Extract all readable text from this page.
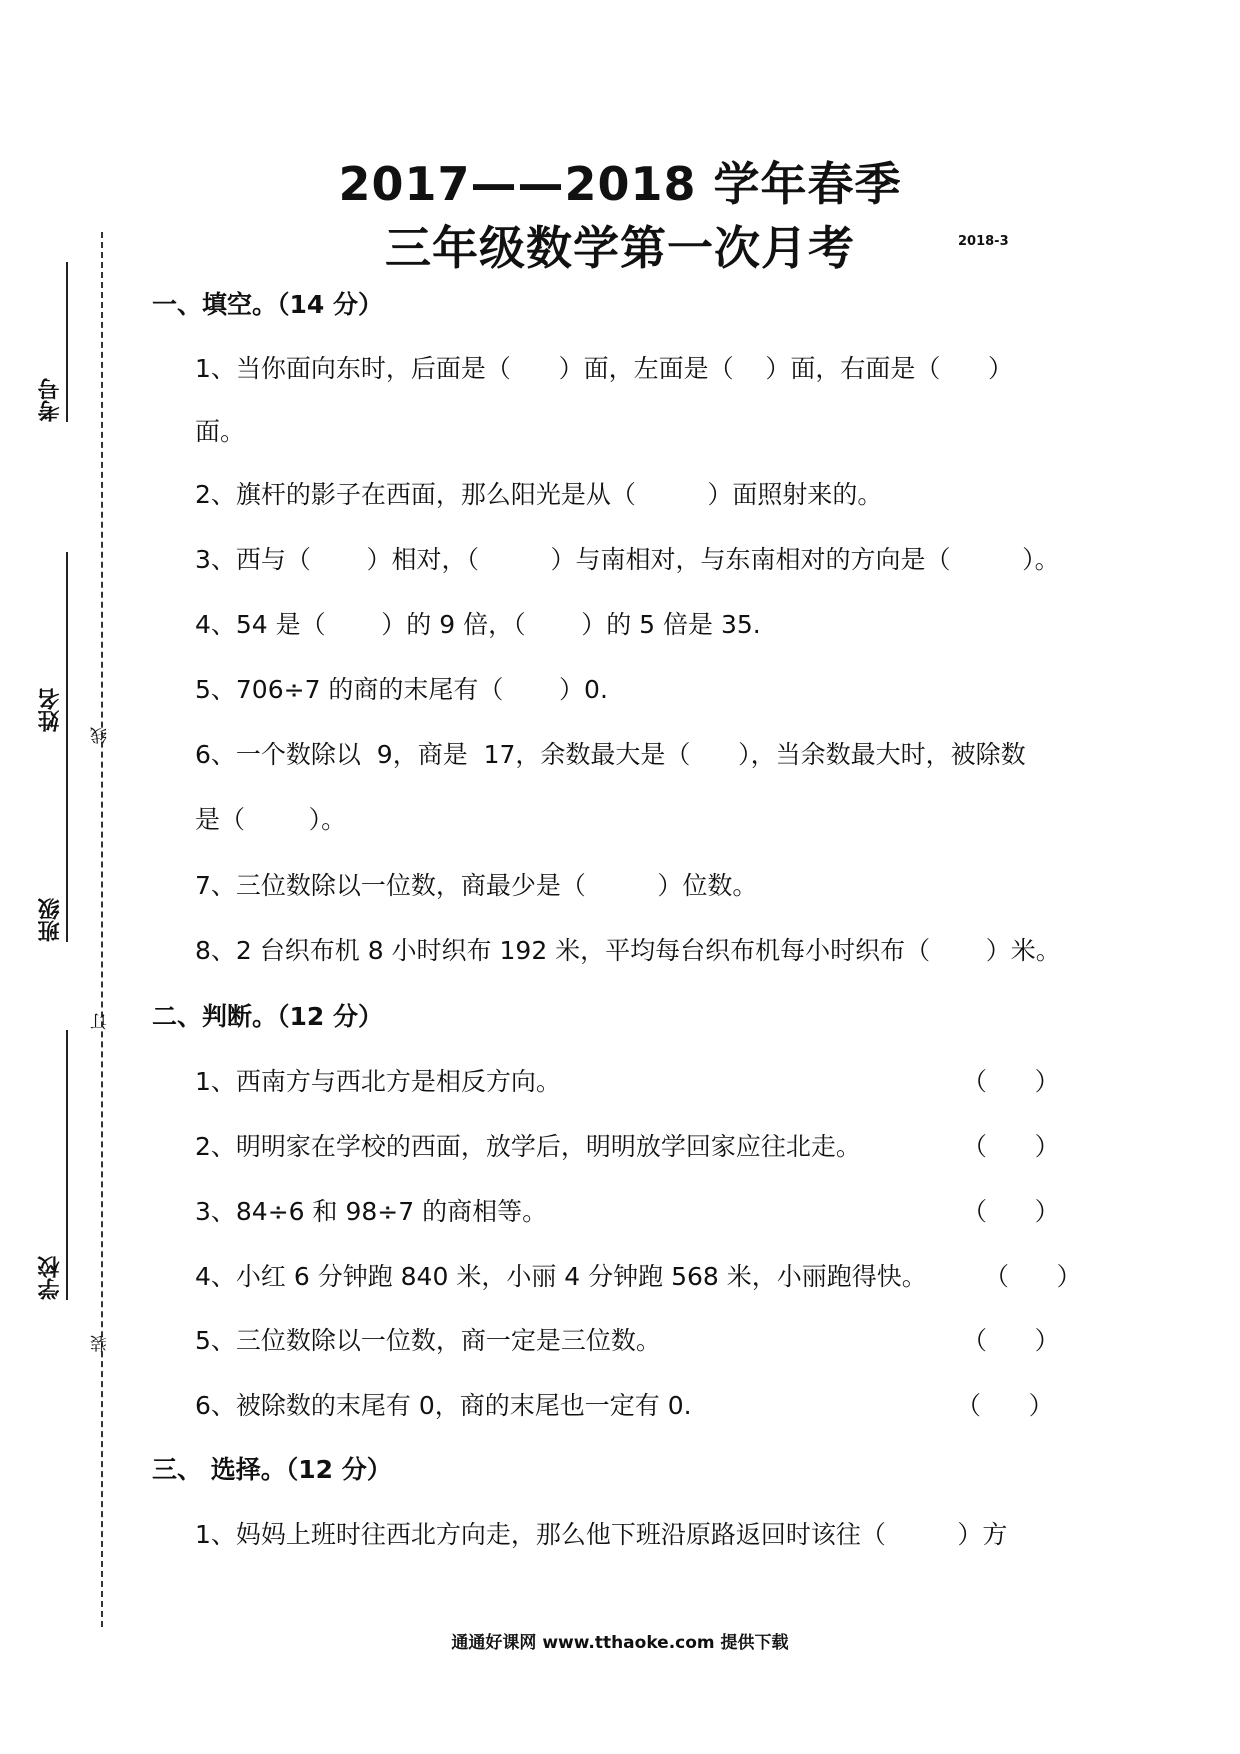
考号
姓名
班级
学校
线
订
装
2017——2018 学年春季
三年级数学第一次月考	2018-3
一、填空。（14 分）
1、当你面向东时，后面是（      ）面，左面是（    ）面，右面是（      ）
面。
2、旗杆的影子在西面，那么阳光是从（         ）面照射来的。
3、西与（       ）相对，（         ）与南相对，与东南相对的方向是（         ）。
4、54 是（       ）的 9 倍，（       ）的 5 倍是 35.
5、706÷7 的商的末尾有（       ）0.
6、一个数除以  9，商是  17，余数最大是（      ），当余数最大时，被除数
是（        ）。
7、三位数除以一位数，商最少是（         ）位数。
8、2 台织布机 8 小时织布 192 米，平均每台织布机每小时织布（       ）米。
二、判断。（12 分）
1、西南方与西北方是相反方向。	（      ）
2、明明家在学校的西面，放学后，明明放学回家应往北走。	（      ）
3、84÷6 和 98÷7 的商相等。	（      ）
4、小红 6 分钟跑 840 米，小丽 4 分钟跑 568 米，小丽跑得快。 （      ）
5、三位数除以一位数，商一定是三位数。	（      ）
6、被除数的末尾有 0，商的末尾也一定有 0.	（      ）
三、 选择。（12 分）
1、妈妈上班时往西北方向走，那么他下班沿原路返回时该往（         ）方
通通好课网 www.tthaoke.com 提供下载
